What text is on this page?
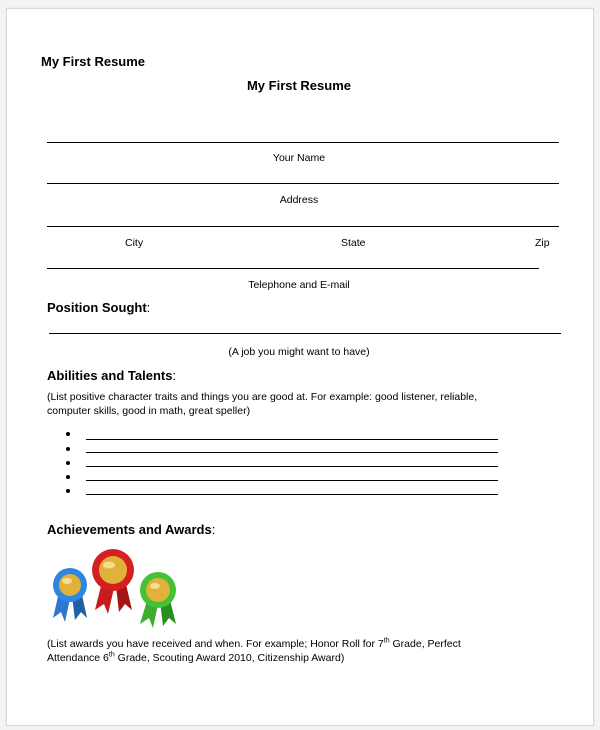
My First Resume
My First Resume
Your Name
Address
City	State	Zip
Telephone and E-mail
Position Sought:
(A job you might want to have)
Abilities and Talents:
(List positive character traits and things you are good at. For example: good listener, reliable,
computer skills, good in math, great speller)
Achievements and Awards:
(List awards you have received and when. For example; Honor Roll for 7th Grade, Perfect
Attendance 6th Grade, Scouting Award 2010, Citizenship Award)
